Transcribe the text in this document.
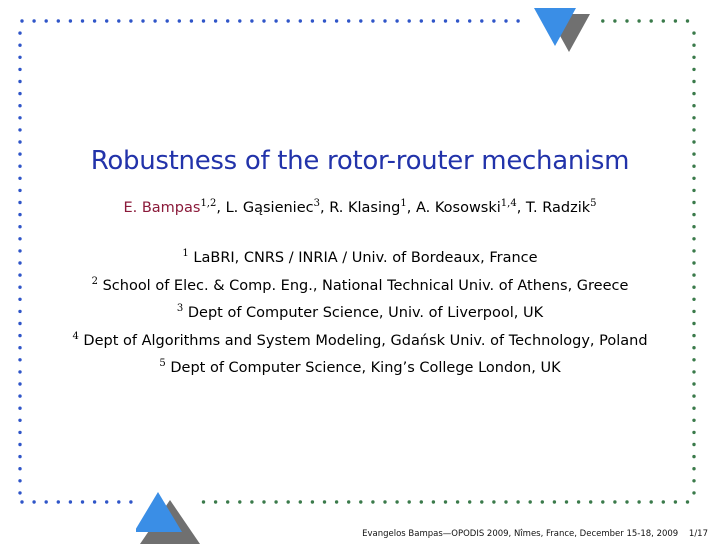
Robustness of the rotor-router mechanism
E. Bampas$^{1,2}$, L. Gąsieniec$^3$, R. Klasing$^1$, A. Kosowski$^{1,4}$, T. Radzik$^5$
$^1$ LaBRI, CNRS / INRIA / Univ. of Bordeaux, France
$^2$ School of Elec. & Comp. Eng., National Technical Univ. of Athens, Greece
$^3$ Dept of Computer Science, Univ. of Liverpool, UK
$^4$ Dept of Algorithms and System Modeling, Gdańsk Univ. of Technology, Poland
$^5$ Dept of Computer Science, King’s College London, UK
Evangelos Bampas—OPODIS 2009, Nîmes, France, December 15-18, 2009 1/17
